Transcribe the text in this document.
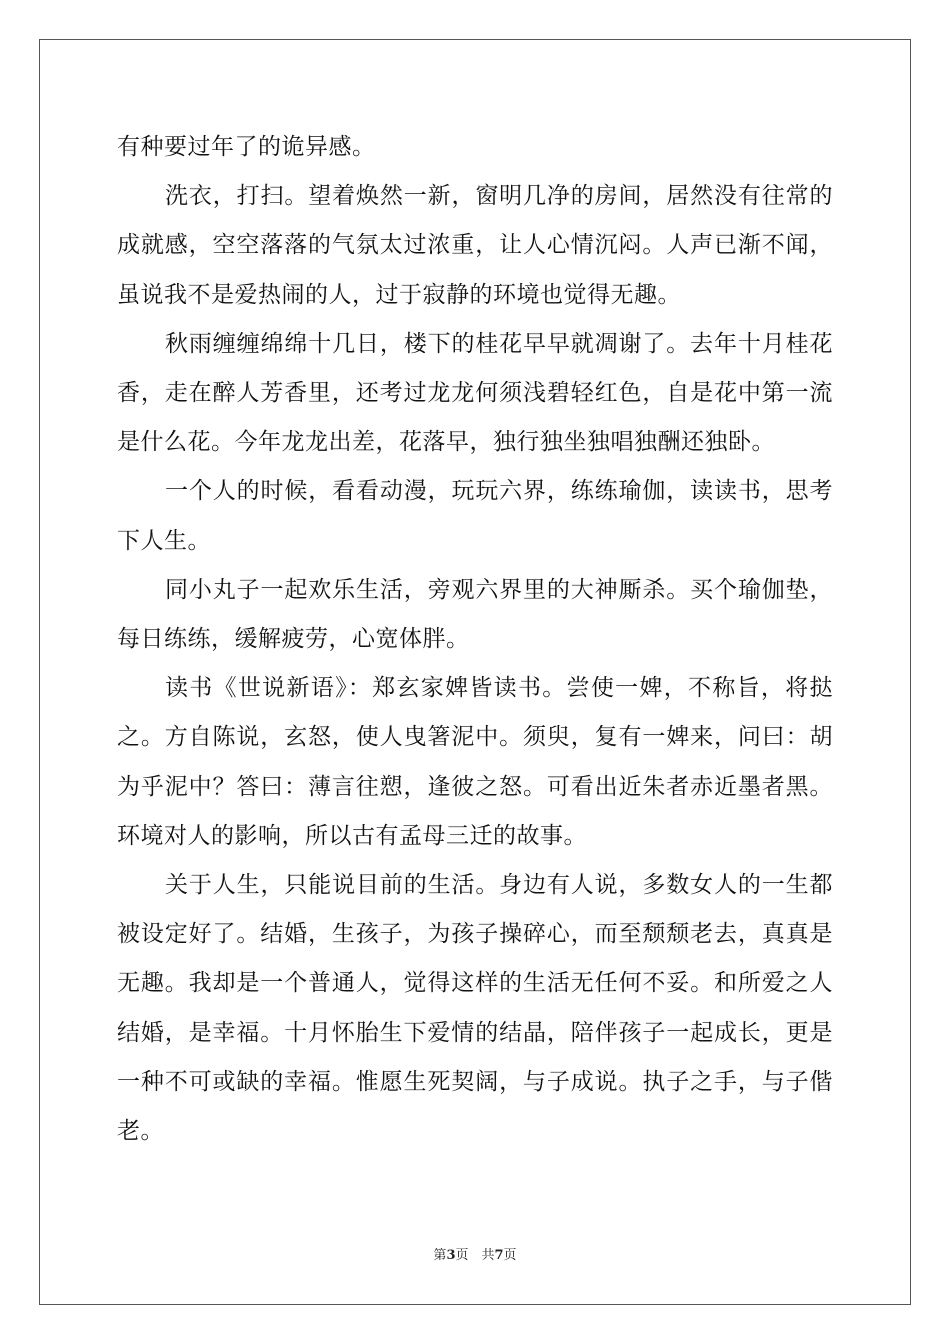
有种要过年了的诡异感。

洗衣，打扫。望着焕然一新，窗明几净的房间，居然没有往常的成就感，空空落落的气氛太过浓重，让人心情沉闷。人声已渐不闻，虽说我不是爱热闹的人，过于寂静的环境也觉得无趣。

秋雨缠缠绵绵十几日，楼下的桂花早早就凋谢了。去年十月桂花香，走在醉人芳香里，还考过龙龙何须浅碧轻红色，自是花中第一流是什么花。今年龙龙出差，花落早，独行独坐独唱独酬还独卧。

一个人的时候，看看动漫，玩玩六界，练练瑜伽，读读书，思考下人生。

同小丸子一起欢乐生活，旁观六界里的大神厮杀。买个瑜伽垫，每日练练，缓解疲劳，心宽体胖。

读书《世说新语》：郑玄家婢皆读书。尝使一婢，不称旨，将挞之。方自陈说，玄怒，使人曳箸泥中。须臾，复有一婢来，问曰：胡为乎泥中？答曰：薄言往愬，逢彼之怒。可看出近朱者赤近墨者黑。环境对人的影响，所以古有孟母三迁的故事。

关于人生，只能说目前的生活。身边有人说，多数女人的一生都被设定好了。结婚，生孩子，为孩子操碎心，而至颓颓老去，真真是无趣。我却是一个普通人，觉得这样的生活无任何不妥。和所爱之人结婚，是幸福。十月怀胎生下爱情的结晶，陪伴孩子一起成长，更是一种不可或缺的幸福。惟愿生死契阔，与子成说。执子之手，与子偕老。

第3页　共7页
